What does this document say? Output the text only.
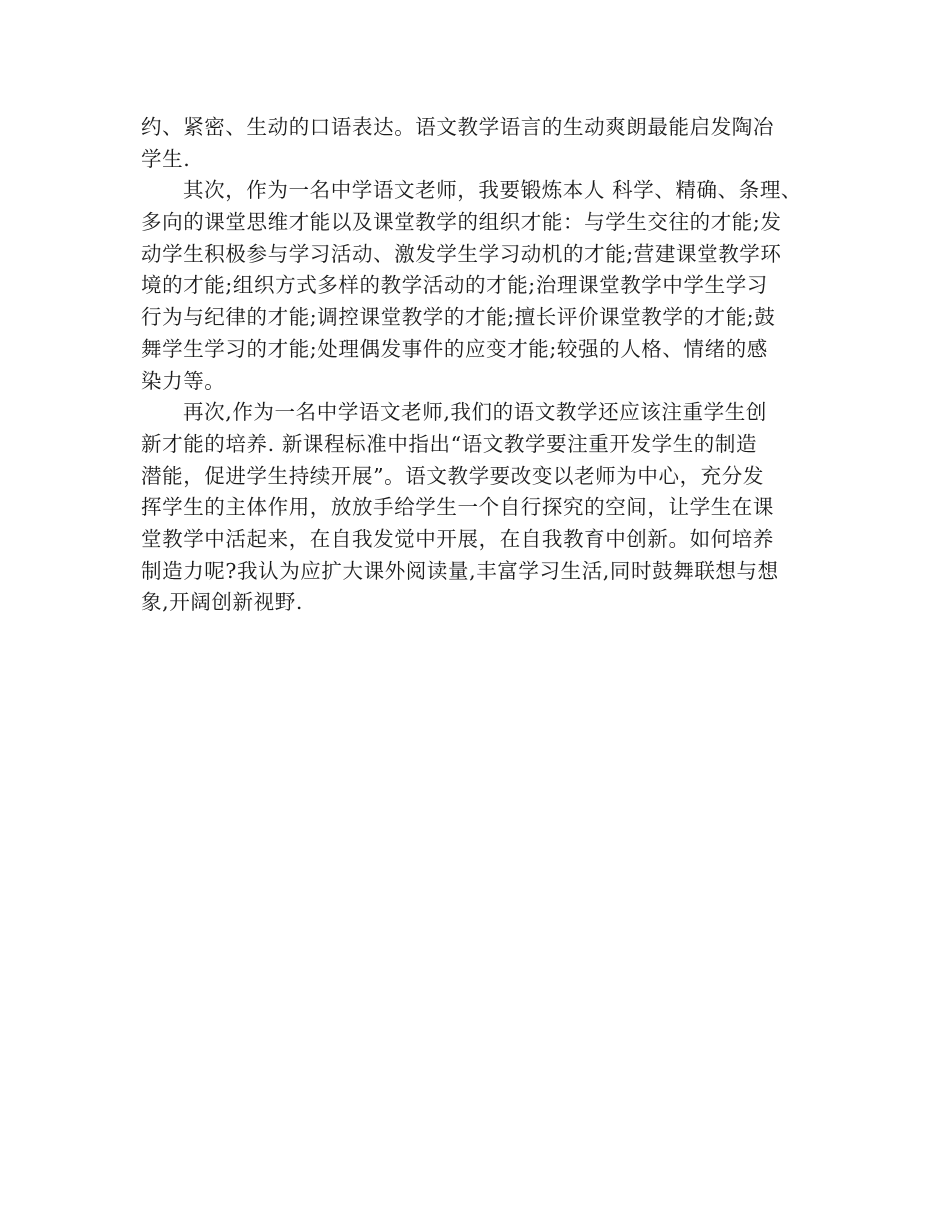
约、紧密、生动的口语表达。语文教学语言的生动爽朗最能启发陶冶
学生.
其次，作为一名中学语文老师，我要锻炼本人 科学、精确、条理、
多向的课堂思维才能以及课堂教学的组织才能：与学生交往的才能;发
动学生积极参与学习活动、激发学生学习动机的才能;营建课堂教学环
境的才能;组织方式多样的教学活动的才能;治理课堂教学中学生学习
行为与纪律的才能;调控课堂教学的才能;擅长评价课堂教学的才能;鼓
舞学生学习的才能;处理偶发事件的应变才能;较强的人格、情绪的感
染力等。
再次,作为一名中学语文老师,我们的语文教学还应该注重学生创
新才能的培养. 新课程标准中指出“语文教学要注重开发学生的制造
潜能，促进学生持续开展”。语文教学要改变以老师为中心，充分发
挥学生的主体作用，放放手给学生一个自行探究的空间，让学生在课
堂教学中活起来，在自我发觉中开展，在自我教育中创新。如何培养
制造力呢?我认为应扩大课外阅读量,丰富学习生活,同时鼓舞联想与想
象,开阔创新视野.
